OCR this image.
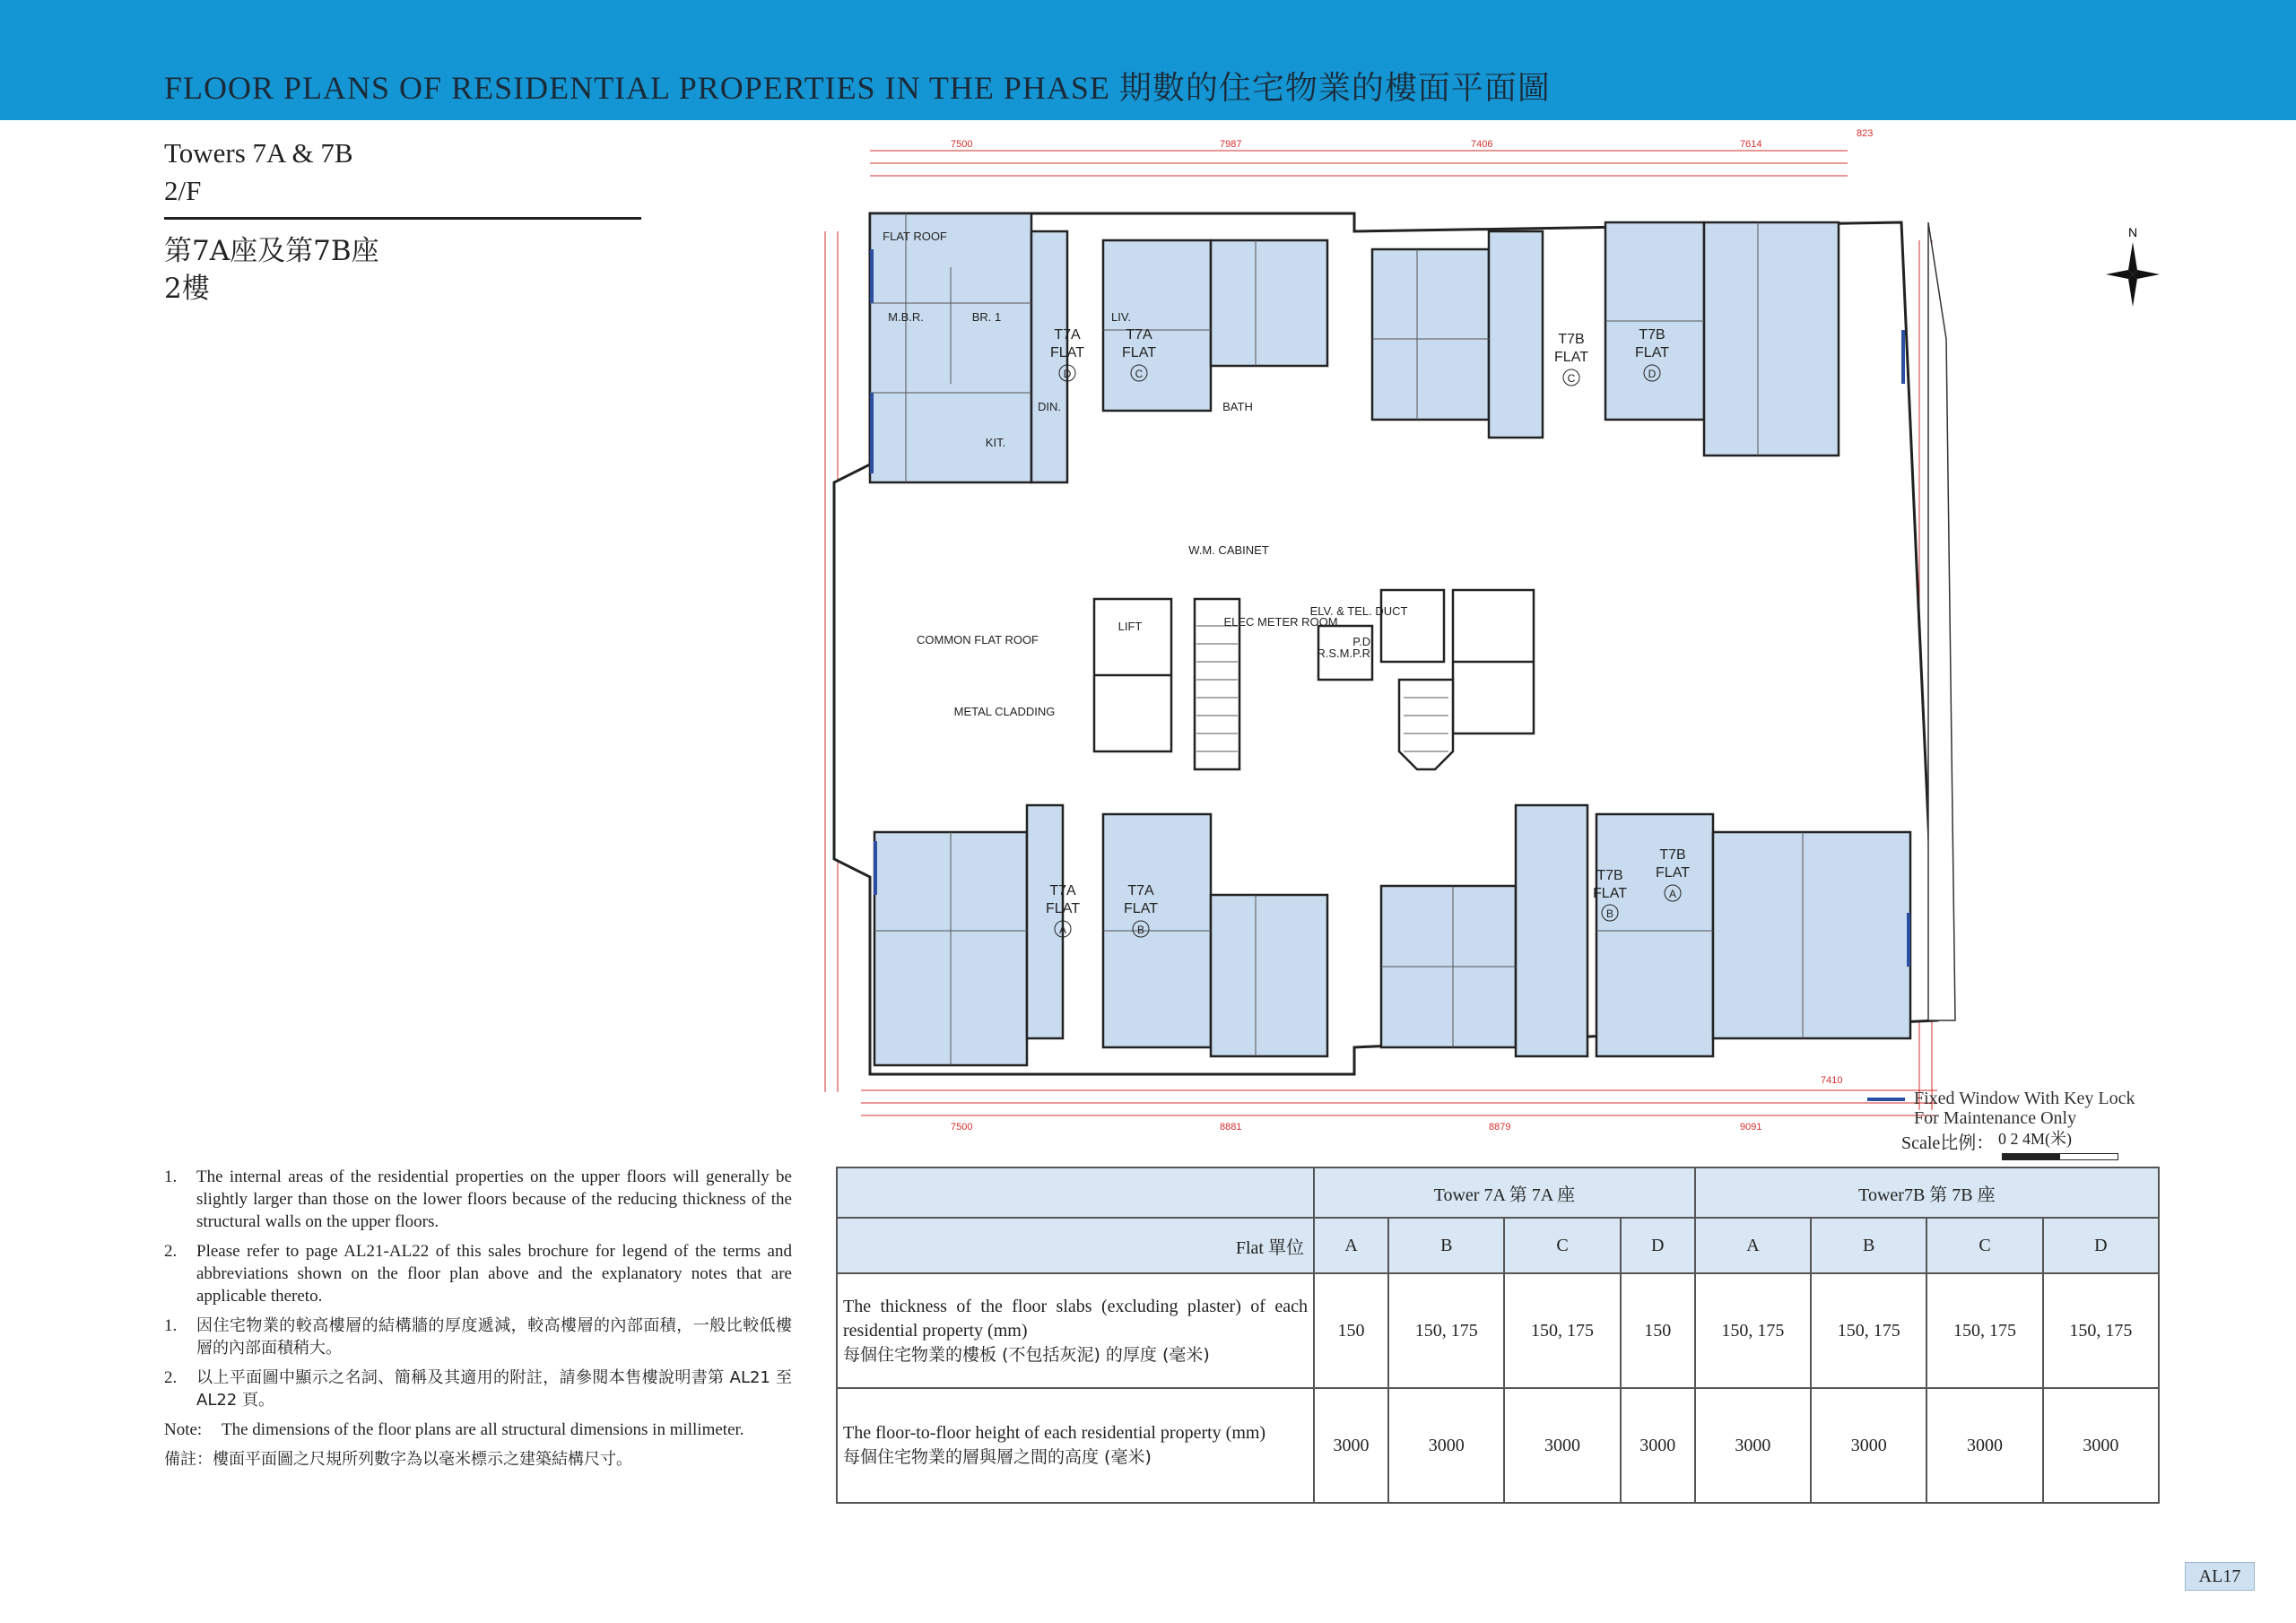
FLOOR PLANS OF RESIDENTIAL PROPERTIES IN THE PHASE 期數的住宅物業的樓面平面圖
Towers 7A & 7B
2/F
第7A座及第7B座
2樓
7500	7987	7406	7614
823
7500	8881	8879	9091
7410
FLAT ROOF
M.B.R.	BR. 1	LIV.
DIN.
KIT.
BATH
LIFT
COMMON FLAT ROOF
W.M. CABINET
ELEC METER ROOM
ELV. & TEL. DUCT
P.D.
R.S.M.P.R.
METAL CLADDING
T7A
FLAT
D
T7A
FLAT
C
T7B
FLAT
C
T7B
FLAT
D
T7A
FLAT
A
T7A
FLAT
B
T7B
FLAT
B
T7B
FLAT
A
N
Fixed Window With Key Lock
For Maintenance Only
Scale比例： 0 2 4M(米)
1.	The internal areas of the residential properties on the upper floors will generally be slightly larger than those on the lower floors because of the reducing thickness of the structural walls on the upper floors.
2.	Please refer to page AL21-AL22 of this sales brochure for legend of the terms and abbreviations shown on the floor plan above and the explanatory notes that are applicable thereto.
1.	因住宅物業的較高樓層的結構牆的厚度遞減，較高樓層的內部面積，一般比較低樓層的內部面積稍大。
2.	以上平面圖中顯示之名詞、簡稱及其適用的附註，請參閱本售樓說明書第 AL21 至 AL22 頁。
Note:	The dimensions of the floor plans are all structural dimensions in millimeter.
備註：樓面平面圖之尺規所列數字為以毫米標示之建築結構尺寸。
	Tower 7A 第 7A 座				Tower7B 第 7B 座			
Flat 單位	A	B	C	D	A	B	C	D

The thickness of the floor slabs (excluding plaster) of each residential property (mm)
每個住宅物業的樓板 (不包括灰泥) 的厚度 (毫米)	150	150, 175	150, 175	150	150, 175	150, 175	150, 175	150, 175

The floor-to-floor height of each residential property (mm)
每個住宅物業的層與層之間的高度 (毫米)	3000	3000	3000	3000	3000	3000	3000	3000
AL17
